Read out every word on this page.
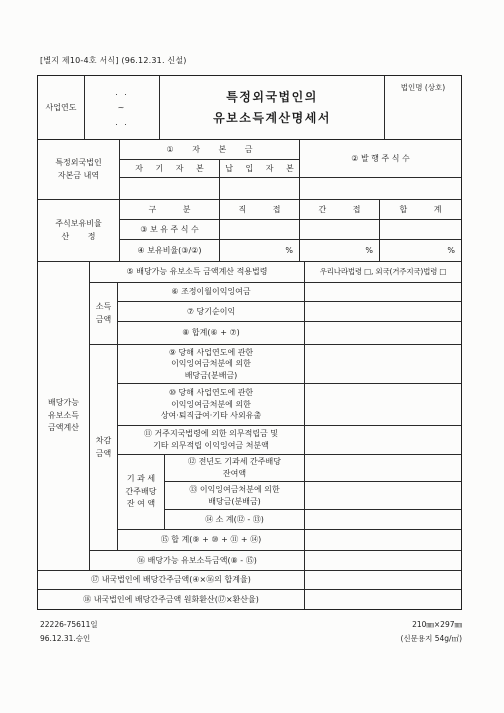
[별지 제10-4호 서식] (96.12.31. 신설)
사업연도
. .
~
. .
특정외국법인의
유보소득계산명세서
법인명 (상호)
특정외국법인
자본금 내역
① 자 본 금
자 기 자 본	납 입 자 본
② 발 행 주 식 수
주식보유비율
산 정
구 분	직 접	간 접	합 계
③ 보 유 주 식 수
④ 보유비율(③/②)	%	%	%
배당가능
유보소득
금액계산
⑤ 배당가능 유보소득 금액계산 적용법령	우리나라법령 □, 외국(거주지국)법령 □
소득
금액
⑥ 조정이월이익잉여금
⑦ 당기순이익
⑧ 합계(⑥ + ⑦)
차감
금액
⑨ 당해 사업연도에 관한
이익잉여금처분에 의한
배당금(분배금)
⑩ 당해 사업연도에 관한
이익잉여금처분에 의한
상여·퇴직급여·기타 사외유출
⑪ 거주지국법령에 의한 의무적립금 및
기타 의무적립 이익잉여금 처분액
기 과 세
간주배당
잔 여 액
⑫ 전년도 기과세 간주배당
잔여액
⑬ 이익잉여금처분에 의한
배당금(분배금)
⑭ 소 계(⑫ - ⑬)
⑮ 합 계(⑨ + ⑩ + ⑪ + ⑭)
⑯ 배당가능 유보소득금액(⑧ - ⑮)
⑰ 내국법인에 배당간주금액(④×⑯의 합계율)
⑱ 내국법인에 배당간주금액 원화환산(⑰×환산율)
22226-75611일
96.12.31.승인
210㎜×297㎜
(신문용지 54g/㎡)
